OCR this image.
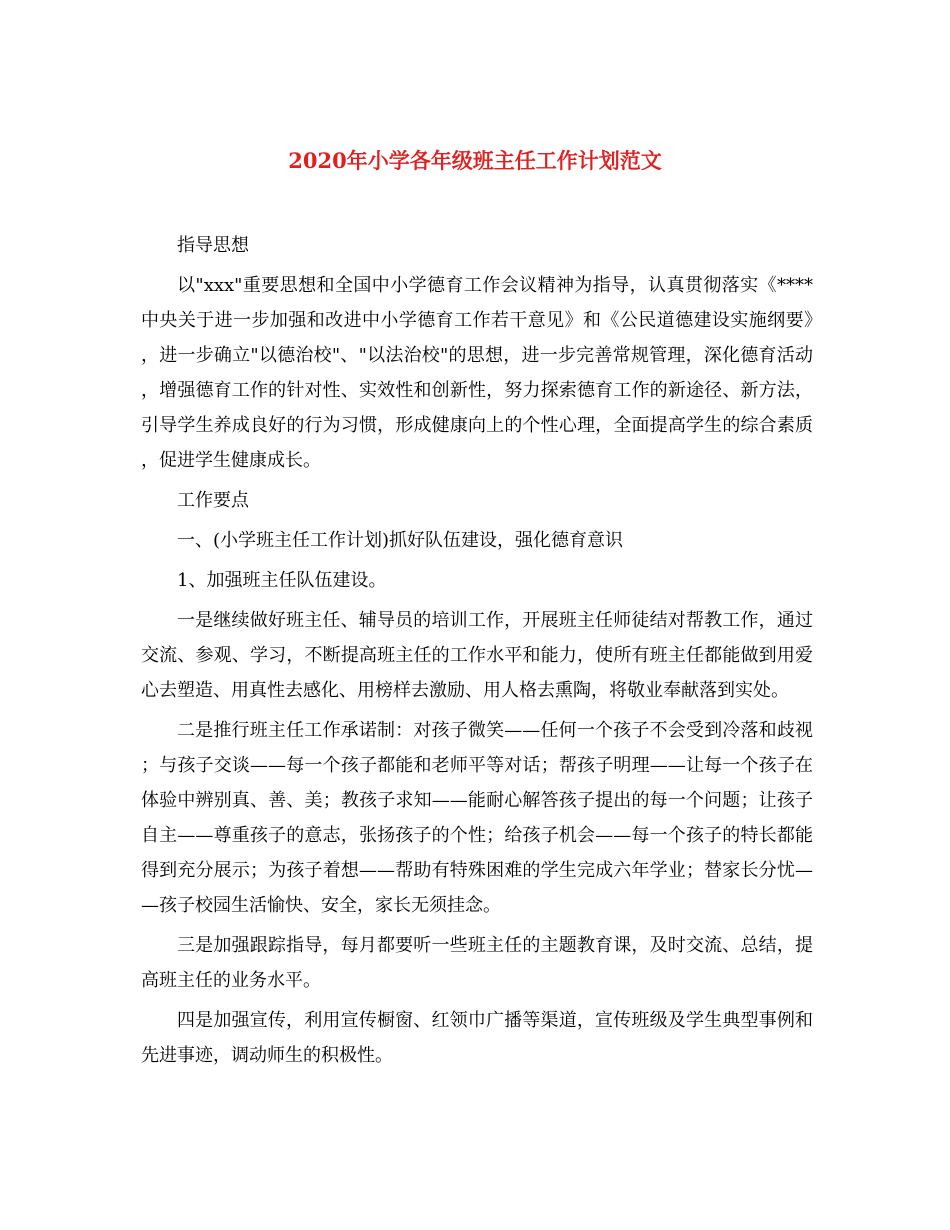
2020年小学各年级班主任工作计划范文

指导思想

以"xxx"重要思想和全国中小学德育工作会议精神为指导，认真贯彻落实《****中央关于进一步加强和改进中小学德育工作若干意见》和《公民道德建设实施纲要》，进一步确立"以德治校"、"以法治校"的思想，进一步完善常规管理，深化德育活动，增强德育工作的针对性、实效性和创新性，努力探索德育工作的新途径、新方法，引导学生养成良好的行为习惯，形成健康向上的个性心理，全面提高学生的综合素质，促进学生健康成长。

工作要点

一、(小学班主任工作计划)抓好队伍建设，强化德育意识

1、加强班主任队伍建设。

一是继续做好班主任、辅导员的培训工作，开展班主任师徒结对帮教工作，通过交流、参观、学习，不断提高班主任的工作水平和能力，使所有班主任都能做到用爱心去塑造、用真性去感化、用榜样去激励、用人格去熏陶，将敬业奉献落到实处。

二是推行班主任工作承诺制：对孩子微笑——任何一个孩子不会受到冷落和歧视；与孩子交谈——每一个孩子都能和老师平等对话；帮孩子明理——让每一个孩子在体验中辨别真、善、美；教孩子求知——能耐心解答孩子提出的每一个问题；让孩子自主——尊重孩子的意志，张扬孩子的个性；给孩子机会——每一个孩子的特长都能得到充分展示；为孩子着想——帮助有特殊困难的学生完成六年学业；替家长分忧——孩子校园生活愉快、安全，家长无须挂念。

三是加强跟踪指导，每月都要听一些班主任的主题教育课，及时交流、总结，提高班主任的业务水平。

四是加强宣传，利用宣传橱窗、红领巾广播等渠道，宣传班级及学生典型事例和先进事迹，调动师生的积极性。
